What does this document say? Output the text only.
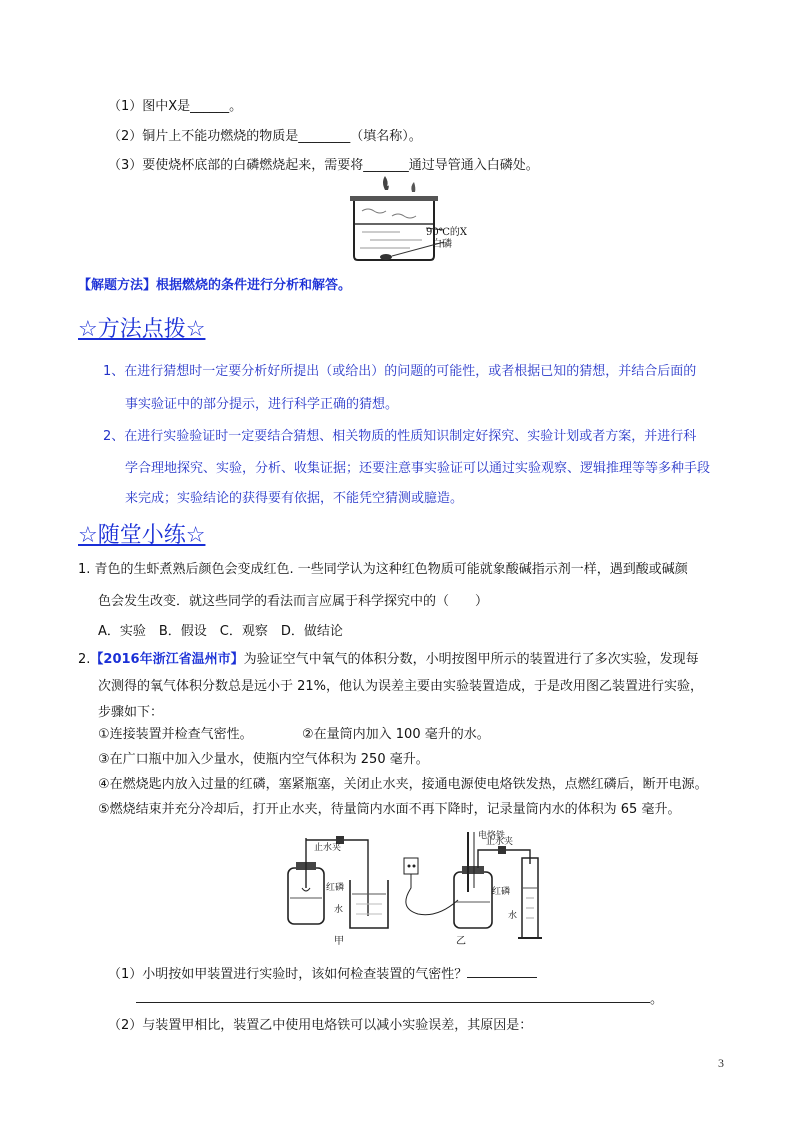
（1）图中X是______。
（2）铜片上不能功燃烧的物质是________（填名称）。
（3）要使烧杯底部的白磷燃烧起来，需要将_______通过导管通入白磷处。
90℃的X
白磷
【解题方法】根据燃烧的条件进行分析和解答。
☆方法点拨☆
1、在进行猜想时一定要分析好所提出（或给出）的问题的可能性，或者根据已知的猜想，并结合后面的
事实验证中的部分提示，进行科学正确的猜想。
2、在进行实验验证时一定要结合猜想、相关物质的性质知识制定好探究、实验计划或者方案，并进行科
学合理地探究、实验，分析、收集证据；还要注意事实验证可以通过实验观察、逻辑推理等等多种手段
来完成；实验结论的获得要有依据，不能凭空猜测或臆造。
☆随堂小练☆
1. 青色的生虾煮熟后颜色会变成红色. 一些同学认为这种红色物质可能就象酸碱指示剂一样，遇到酸或碱颜
色会发生改变．就这些同学的看法而言应属于科学探究中的（　　）
A．实验　B．假设　C．观察　D．做结论
2.【2016年浙江省温州市】为验证空气中氧气的体积分数，小明按图甲所示的装置进行了多次实验，发现每
次测得的氧气体积分数总是远小于 21%，他认为误差主要由实验装置造成，于是改用图乙装置进行实验，
步骤如下：
①连接装置并检查气密性。	②在量筒内加入 100 毫升的水。
③在广口瓶中加入少量水，使瓶内空气体积为 250 毫升。
④在燃烧匙内放入过量的红磷，塞紧瓶塞，关闭止水夹，接通电源使电烙铁发热，点燃红磷后，断开电源。
⑤燃烧结束并充分冷却后，打开止水夹，待量筒内水面不再下降时，记录量筒内水的体积为 65 毫升。
止水夹
电烙铁
止水夹
红磷
水
红磷
水
甲	乙
（1）小明按如甲装置进行实验时，该如何检查装置的气密性？
。
（2）与装置甲相比，装置乙中使用电烙铁可以减小实验误差，其原因是：
3
